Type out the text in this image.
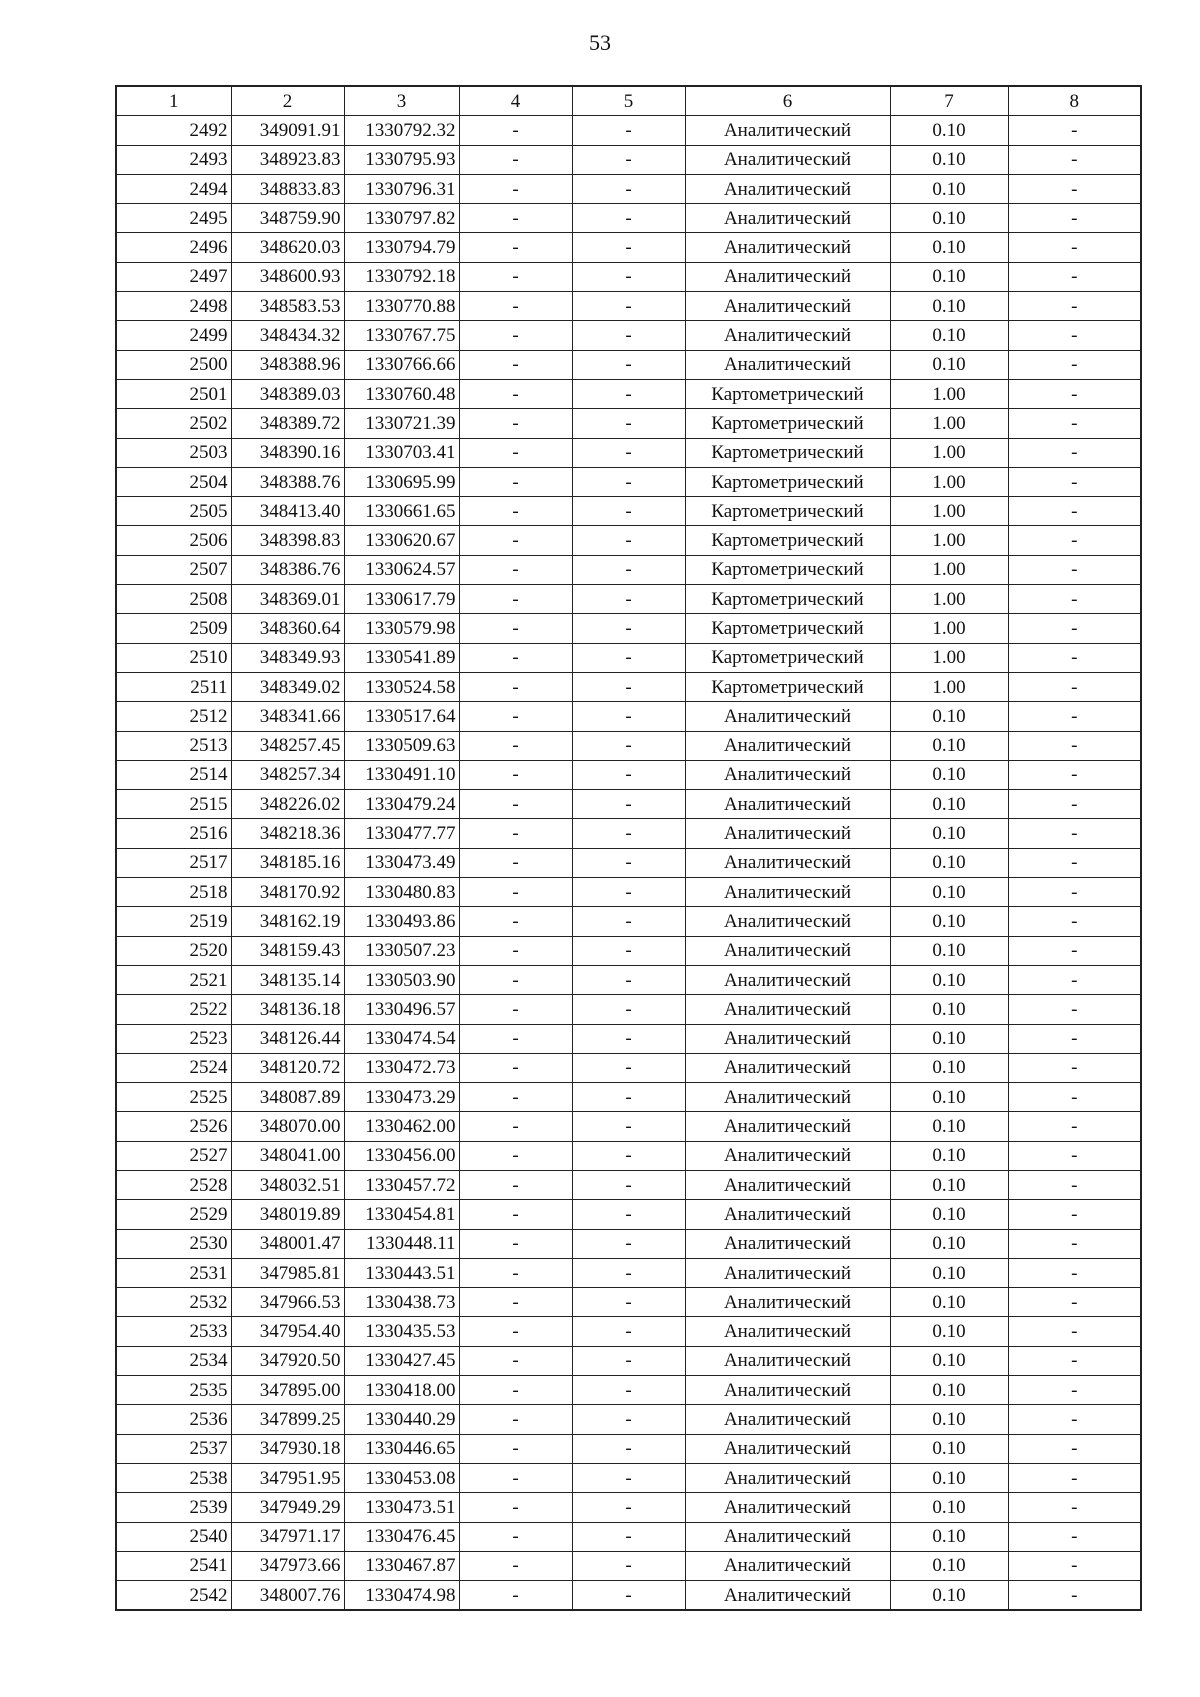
53
1	2	3	4	5	6	7	8
2492	349091.91	1330792.32	-	-	Аналитический	0.10	-
2493	348923.83	1330795.93	-	-	Аналитический	0.10	-
2494	348833.83	1330796.31	-	-	Аналитический	0.10	-
2495	348759.90	1330797.82	-	-	Аналитический	0.10	-
2496	348620.03	1330794.79	-	-	Аналитический	0.10	-
2497	348600.93	1330792.18	-	-	Аналитический	0.10	-
2498	348583.53	1330770.88	-	-	Аналитический	0.10	-
2499	348434.32	1330767.75	-	-	Аналитический	0.10	-
2500	348388.96	1330766.66	-	-	Аналитический	0.10	-
2501	348389.03	1330760.48	-	-	Картометрический	1.00	-
2502	348389.72	1330721.39	-	-	Картометрический	1.00	-
2503	348390.16	1330703.41	-	-	Картометрический	1.00	-
2504	348388.76	1330695.99	-	-	Картометрический	1.00	-
2505	348413.40	1330661.65	-	-	Картометрический	1.00	-
2506	348398.83	1330620.67	-	-	Картометрический	1.00	-
2507	348386.76	1330624.57	-	-	Картометрический	1.00	-
2508	348369.01	1330617.79	-	-	Картометрический	1.00	-
2509	348360.64	1330579.98	-	-	Картометрический	1.00	-
2510	348349.93	1330541.89	-	-	Картометрический	1.00	-
2511	348349.02	1330524.58	-	-	Картометрический	1.00	-
2512	348341.66	1330517.64	-	-	Аналитический	0.10	-
2513	348257.45	1330509.63	-	-	Аналитический	0.10	-
2514	348257.34	1330491.10	-	-	Аналитический	0.10	-
2515	348226.02	1330479.24	-	-	Аналитический	0.10	-
2516	348218.36	1330477.77	-	-	Аналитический	0.10	-
2517	348185.16	1330473.49	-	-	Аналитический	0.10	-
2518	348170.92	1330480.83	-	-	Аналитический	0.10	-
2519	348162.19	1330493.86	-	-	Аналитический	0.10	-
2520	348159.43	1330507.23	-	-	Аналитический	0.10	-
2521	348135.14	1330503.90	-	-	Аналитический	0.10	-
2522	348136.18	1330496.57	-	-	Аналитический	0.10	-
2523	348126.44	1330474.54	-	-	Аналитический	0.10	-
2524	348120.72	1330472.73	-	-	Аналитический	0.10	-
2525	348087.89	1330473.29	-	-	Аналитический	0.10	-
2526	348070.00	1330462.00	-	-	Аналитический	0.10	-
2527	348041.00	1330456.00	-	-	Аналитический	0.10	-
2528	348032.51	1330457.72	-	-	Аналитический	0.10	-
2529	348019.89	1330454.81	-	-	Аналитический	0.10	-
2530	348001.47	1330448.11	-	-	Аналитический	0.10	-
2531	347985.81	1330443.51	-	-	Аналитический	0.10	-
2532	347966.53	1330438.73	-	-	Аналитический	0.10	-
2533	347954.40	1330435.53	-	-	Аналитический	0.10	-
2534	347920.50	1330427.45	-	-	Аналитический	0.10	-
2535	347895.00	1330418.00	-	-	Аналитический	0.10	-
2536	347899.25	1330440.29	-	-	Аналитический	0.10	-
2537	347930.18	1330446.65	-	-	Аналитический	0.10	-
2538	347951.95	1330453.08	-	-	Аналитический	0.10	-
2539	347949.29	1330473.51	-	-	Аналитический	0.10	-
2540	347971.17	1330476.45	-	-	Аналитический	0.10	-
2541	347973.66	1330467.87	-	-	Аналитический	0.10	-
2542	348007.76	1330474.98	-	-	Аналитический	0.10	-
